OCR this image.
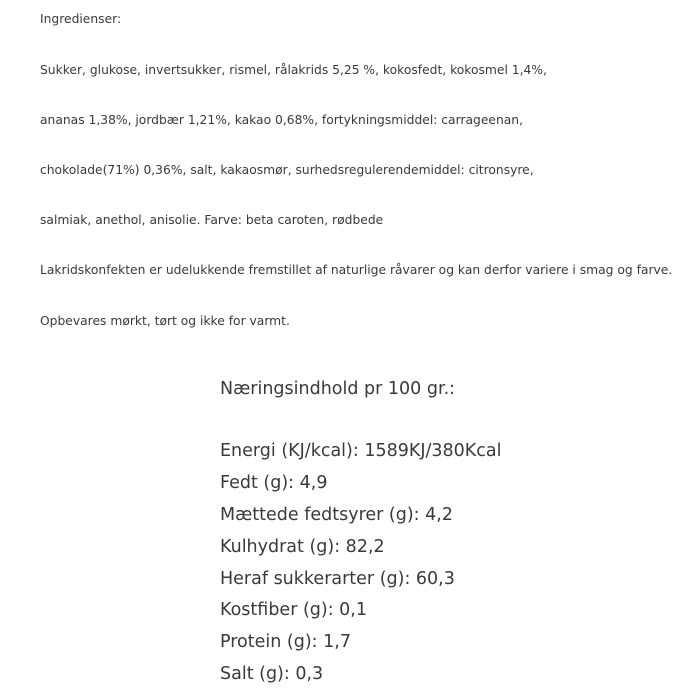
Ingredienser:
Sukker, glukose, invertsukker, rismel, rålakrids 5,25 %, kokosfedt, kokosmel 1,4%,
ananas 1,38%, jordbær 1,21%, kakao 0,68%, fortykningsmiddel: carrageenan,
chokolade(71%) 0,36%, salt, kakaosmør, surhedsregulerendemiddel: citronsyre,
salmiak, anethol, anisolie. Farve: beta caroten, rødbede
Lakridskonfekten er udelukkende fremstillet af naturlige råvarer og kan derfor variere i smag og farve.
Opbevares mørkt, tørt og ikke for varmt.
Næringsindhold pr 100 gr.:
Energi (KJ/kcal): 1589KJ/380Kcal
Fedt (g): 4,9
Mættede fedtsyrer (g): 4,2
Kulhydrat (g): 82,2
Heraf sukkerarter (g): 60,3
Kostfiber (g): 0,1
Protein (g): 1,7
Salt (g): 0,3
